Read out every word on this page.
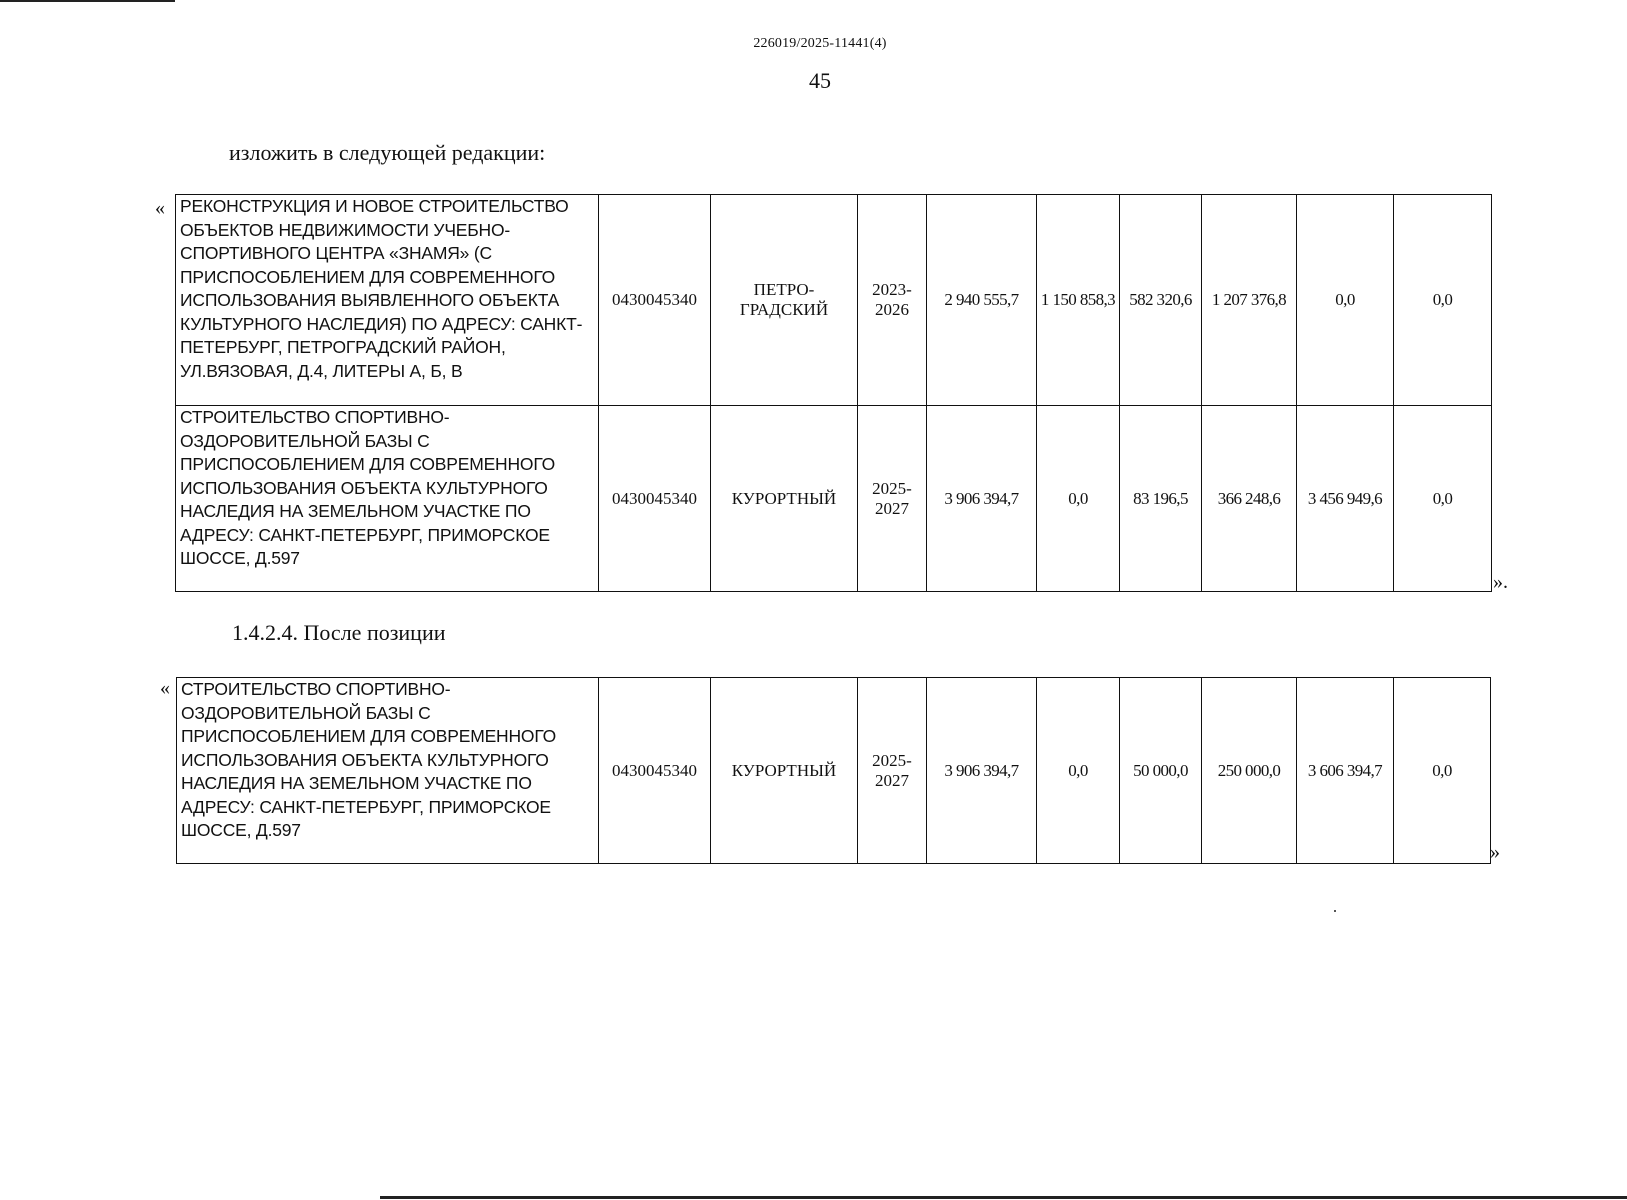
226019/2025-11441(4)
45
изложить в следующей редакции:
« РЕКОНСТРУКЦИЯ И НОВОЕ СТРОИТЕЛЬСТВО ОБЪЕКТОВ НЕДВИЖИМОСТИ УЧЕБНО-СПОРТИВНОГО ЦЕНТРА «ЗНАМЯ» (С ПРИСПОСОБЛЕНИЕМ ДЛЯ СОВРЕМЕННОГО ИСПОЛЬЗОВАНИЯ ВЫЯВЛЕННОГО ОБЪЕКТА КУЛЬТУРНОГО НАСЛЕДИЯ) ПО АДРЕСУ: САНКТ-ПЕТЕРБУРГ, ПЕТРОГРАДСКИЙ РАЙОН, УЛ.ВЯЗОВАЯ, Д.4, ЛИТЕРЫ А, Б, В	0430045340	ПЕТРО-ГРАДСКИЙ	2023-2026	2 940 555,7	1 150 858,3	582 320,6	1 207 376,8	0,0	0,0
СТРОИТЕЛЬСТВО СПОРТИВНО-ОЗДОРОВИТЕЛЬНОЙ БАЗЫ С ПРИСПОСОБЛЕНИЕМ ДЛЯ СОВРЕМЕННОГО ИСПОЛЬЗОВАНИЯ ОБЪЕКТА КУЛЬТУРНОГО НАСЛЕДИЯ НА ЗЕМЕЛЬНОМ УЧАСТКЕ ПО АДРЕСУ: САНКТ-ПЕТЕРБУРГ, ПРИМОРСКОЕ ШОССЕ, Д.597	0430045340	КУРОРТНЫЙ	2025-2027	3 906 394,7	0,0	83 196,5	366 248,6	3 456 949,6	0,0
».
1.4.2.4. После позиции
« СТРОИТЕЛЬСТВО СПОРТИВНО-ОЗДОРОВИТЕЛЬНОЙ БАЗЫ С ПРИСПОСОБЛЕНИЕМ ДЛЯ СОВРЕМЕННОГО ИСПОЛЬЗОВАНИЯ ОБЪЕКТА КУЛЬТУРНОГО НАСЛЕДИЯ НА ЗЕМЕЛЬНОМ УЧАСТКЕ ПО АДРЕСУ: САНКТ-ПЕТЕРБУРГ, ПРИМОРСКОЕ ШОССЕ, Д.597	0430045340	КУРОРТНЫЙ	2025-2027	3 906 394,7	0,0	50 000,0	250 000,0	3 606 394,7	0,0
»
